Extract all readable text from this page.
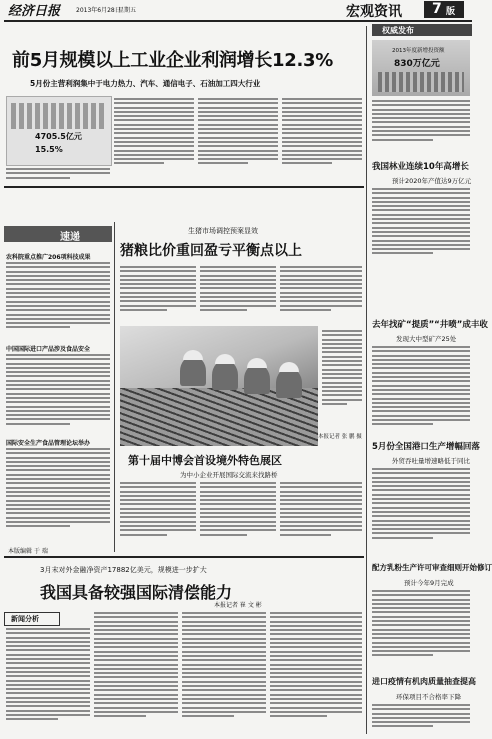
经济日报	2013年6月28日
星期五	宏观资讯 7 版
前5月规模以上工业企业利润增长12.3%
5月份主营利润集中于电力热力、汽车、通信电子、石油加工四大行业
4705.5亿元
15.5%
权威发布
2013年度新增投资额
830万亿元
我国林业连续10年高增长
预计2020年产值达9万亿元
去年找矿“提质”“井喷”成丰收
发现大中型矿产25处
5月份全国港口生产增幅回落
外贸吞吐量增速略低于同比
配方乳粉生产许可审查细则开始修订
预计今年9月完成
进口疫情有机肉质量抽查提高
环保项目不合格率下降
速递
农科院重点推广206项科技成果
中国国际进口产品涉及食品安全
国际安全生产食品管理论坛举办
本版编辑 于 瑞
生猪市场调控预案显效
猪粮比价重回盈亏平衡点以上
本报记者 张 鹏 摄
第十届中博会首设境外特色展区
为中小企业开展国际交流来找路桥
3月末对外金融净资产17882亿美元，规模进一步扩大
我国具备较强国际清偿能力
本报记者 崔 文 彬
新闻分析
